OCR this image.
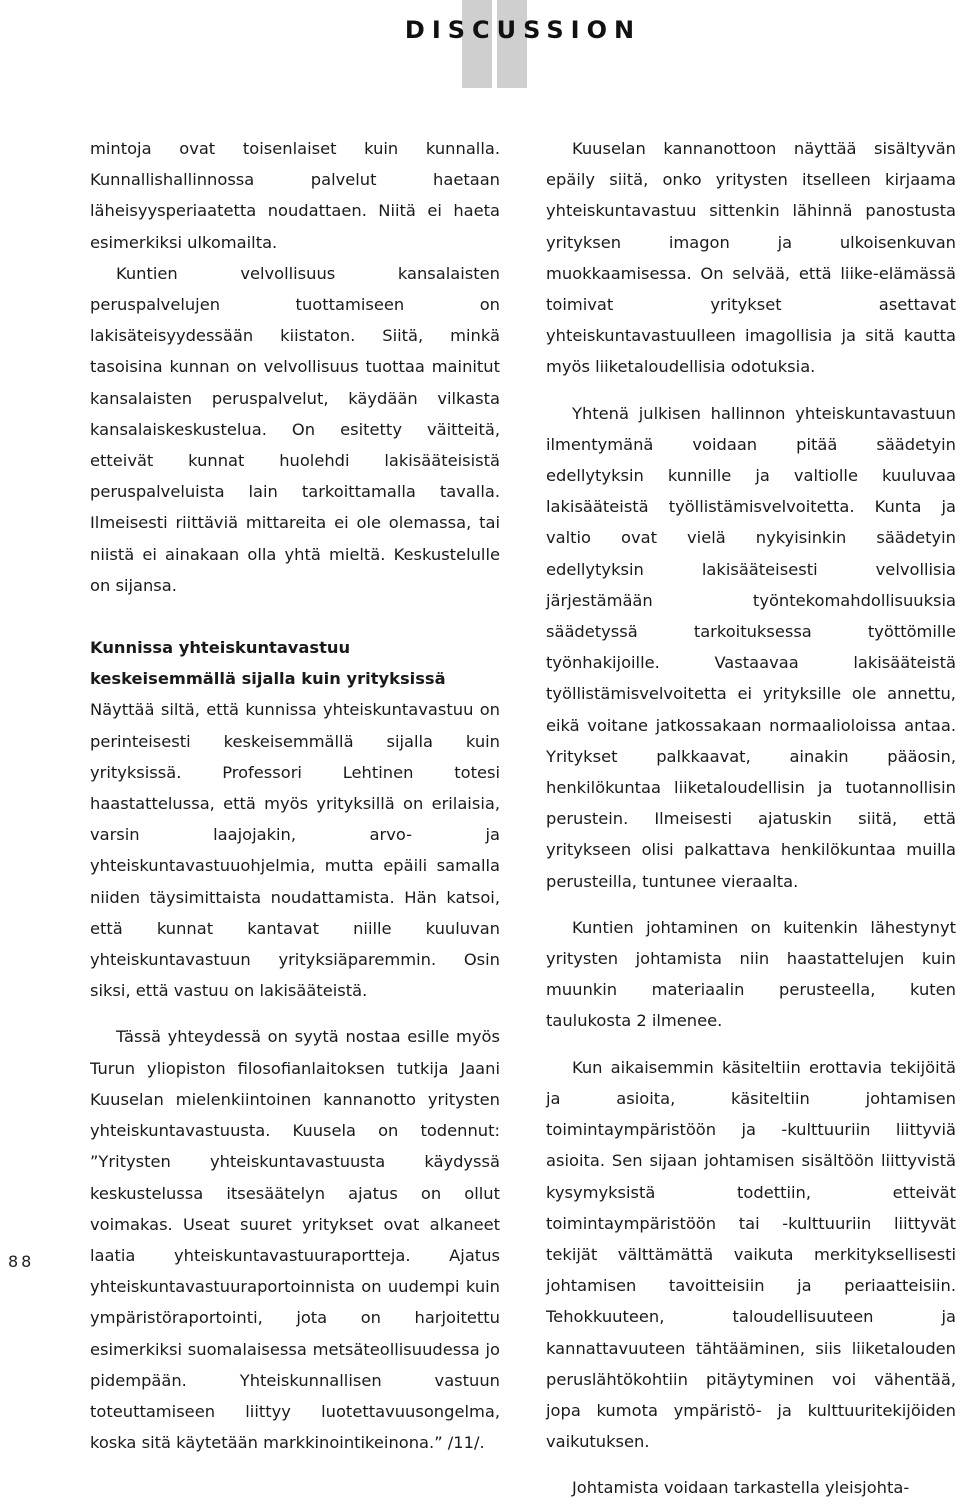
DISCUSSION

mintoja ovat toisenlaiset kuin kunnalla. Kunnallishallinnossa palvelut haetaan läheisyysperiaatetta noudattaen. Niitä ei haeta esimerkiksi ulkomailta.

Kuntien velvollisuus kansalaisten peruspalvelujen tuottamiseen on lakisäteisyydessään kiistaton. Siitä, minkä tasoisina kunnan on velvollisuus tuottaa mainitut kansalaisten peruspalvelut, käydään vilkasta kansalaiskeskustelua. On esitetty väitteitä, etteivät kunnat huolehdi lakisääteisistä peruspalveluista lain tarkoittamalla tavalla. Ilmeisesti riittäviä mittareita ei ole olemassa, tai niistä ei ainakaan olla yhtä mieltä. Keskustelulle on sijansa.

Kunnissa yhteiskuntavastuu keskeisemmällä sijalla kuin yrityksissä

Näyttää siltä, että kunnissa yhteiskuntavastuu on perinteisesti keskeisemmällä sijalla kuin yrityksissä. Professori Lehtinen totesi haastattelussa, että myös yrityksillä on erilaisia, varsin laajojakin, arvo- ja yhteiskuntavastuuohjelmia, mutta epäili samalla niiden täysimittaista noudattamista. Hän katsoi, että kunnat kantavat niille kuuluvan yhteiskuntavastuun yrityksiäparemmin. Osin siksi, että vastuu on lakisääteistä.

Tässä yhteydessä on syytä nostaa esille myös Turun yliopiston filosofianlaitoksen tutkija Jaani Kuuselan mielenkiintoinen kannanotto yritysten yhteiskuntavastuusta. Kuusela on todennut: ”Yritysten yhteiskuntavastuusta käydyssä keskustelussa itsesäätelyn ajatus on ollut voimakas. Useat suuret yritykset ovat alkaneet laatia yhteiskuntavastuuraportteja. Ajatus yhteiskuntavastuuraportoinnista on uudempi kuin ympäristöraportointi, jota on harjoitettu esimerkiksi suomalaisessa metsäteollisuudessa jo pidempään. Yhteiskunnallisen vastuun toteuttamiseen liittyy luotettavuusongelma, koska sitä käytetään markkinointikeinona.” /11/.

Kuuselan kannanottoon näyttää sisältyvän epäily siitä, onko yritysten itselleen kirjaama yhteiskuntavastuu sittenkin lähinnä panostusta yrityksen imagon ja ulkoisenkuvan muokkaamisessa. On selvää, että liike-elämässä toimivat yritykset asettavat yhteiskuntavastuulleen imagollisia ja sitä kautta myös liiketaloudellisia odotuksia.

Yhtenä julkisen hallinnon yhteiskuntavastuun ilmentymänä voidaan pitää säädetyin edellytyksin kunnille ja valtiolle kuuluvaa lakisääteistä työllistämisvelvoitetta. Kunta ja valtio ovat vielä nykyisinkin säädetyin edellytyksin lakisääteisesti velvollisia järjestämään työntekomahdollisuuksia säädetyssä tarkoituksessa työttömille työnhakijoille. Vastaavaa lakisääteistä työllistämisvelvoitetta ei yrityksille ole annettu, eikä voitane jatkossakaan normaalioloissa antaa. Yritykset palkkaavat, ainakin pääosin, henkilökuntaa liiketaloudellisin ja tuotannollisin perustein. Ilmeisesti ajatuskin siitä, että yritykseen olisi palkattava henkilökuntaa muilla perusteilla, tuntunee vieraalta.

Kuntien johtaminen on kuitenkin lähestynyt yritysten johtamista niin haastattelujen kuin muunkin materiaalin perusteella, kuten taulukosta 2 ilmenee.

Kun aikaisemmin käsiteltiin erottavia tekijöitä ja asioita, käsiteltiin johtamisen toimintaympäristöön ja -kulttuuriin liittyviä asioita. Sen sijaan johtamisen sisältöön liittyvistä kysymyksistä todettiin, etteivät toimintaympäristöön tai -kulttuuriin liittyvät tekijät välttämättä vaikuta merkityksellisesti johtamisen tavoitteisiin ja periaatteisiin. Tehokkuuteen, taloudellisuuteen ja kannattavuuteen tähtääminen, siis liiketalouden peruslähtökohtiin pitäytyminen voi vähentää, jopa kumota ympäristö- ja kulttuuritekijöiden vaikutuksen.

Johtamista voidaan tarkastella yleisjohta-

88
